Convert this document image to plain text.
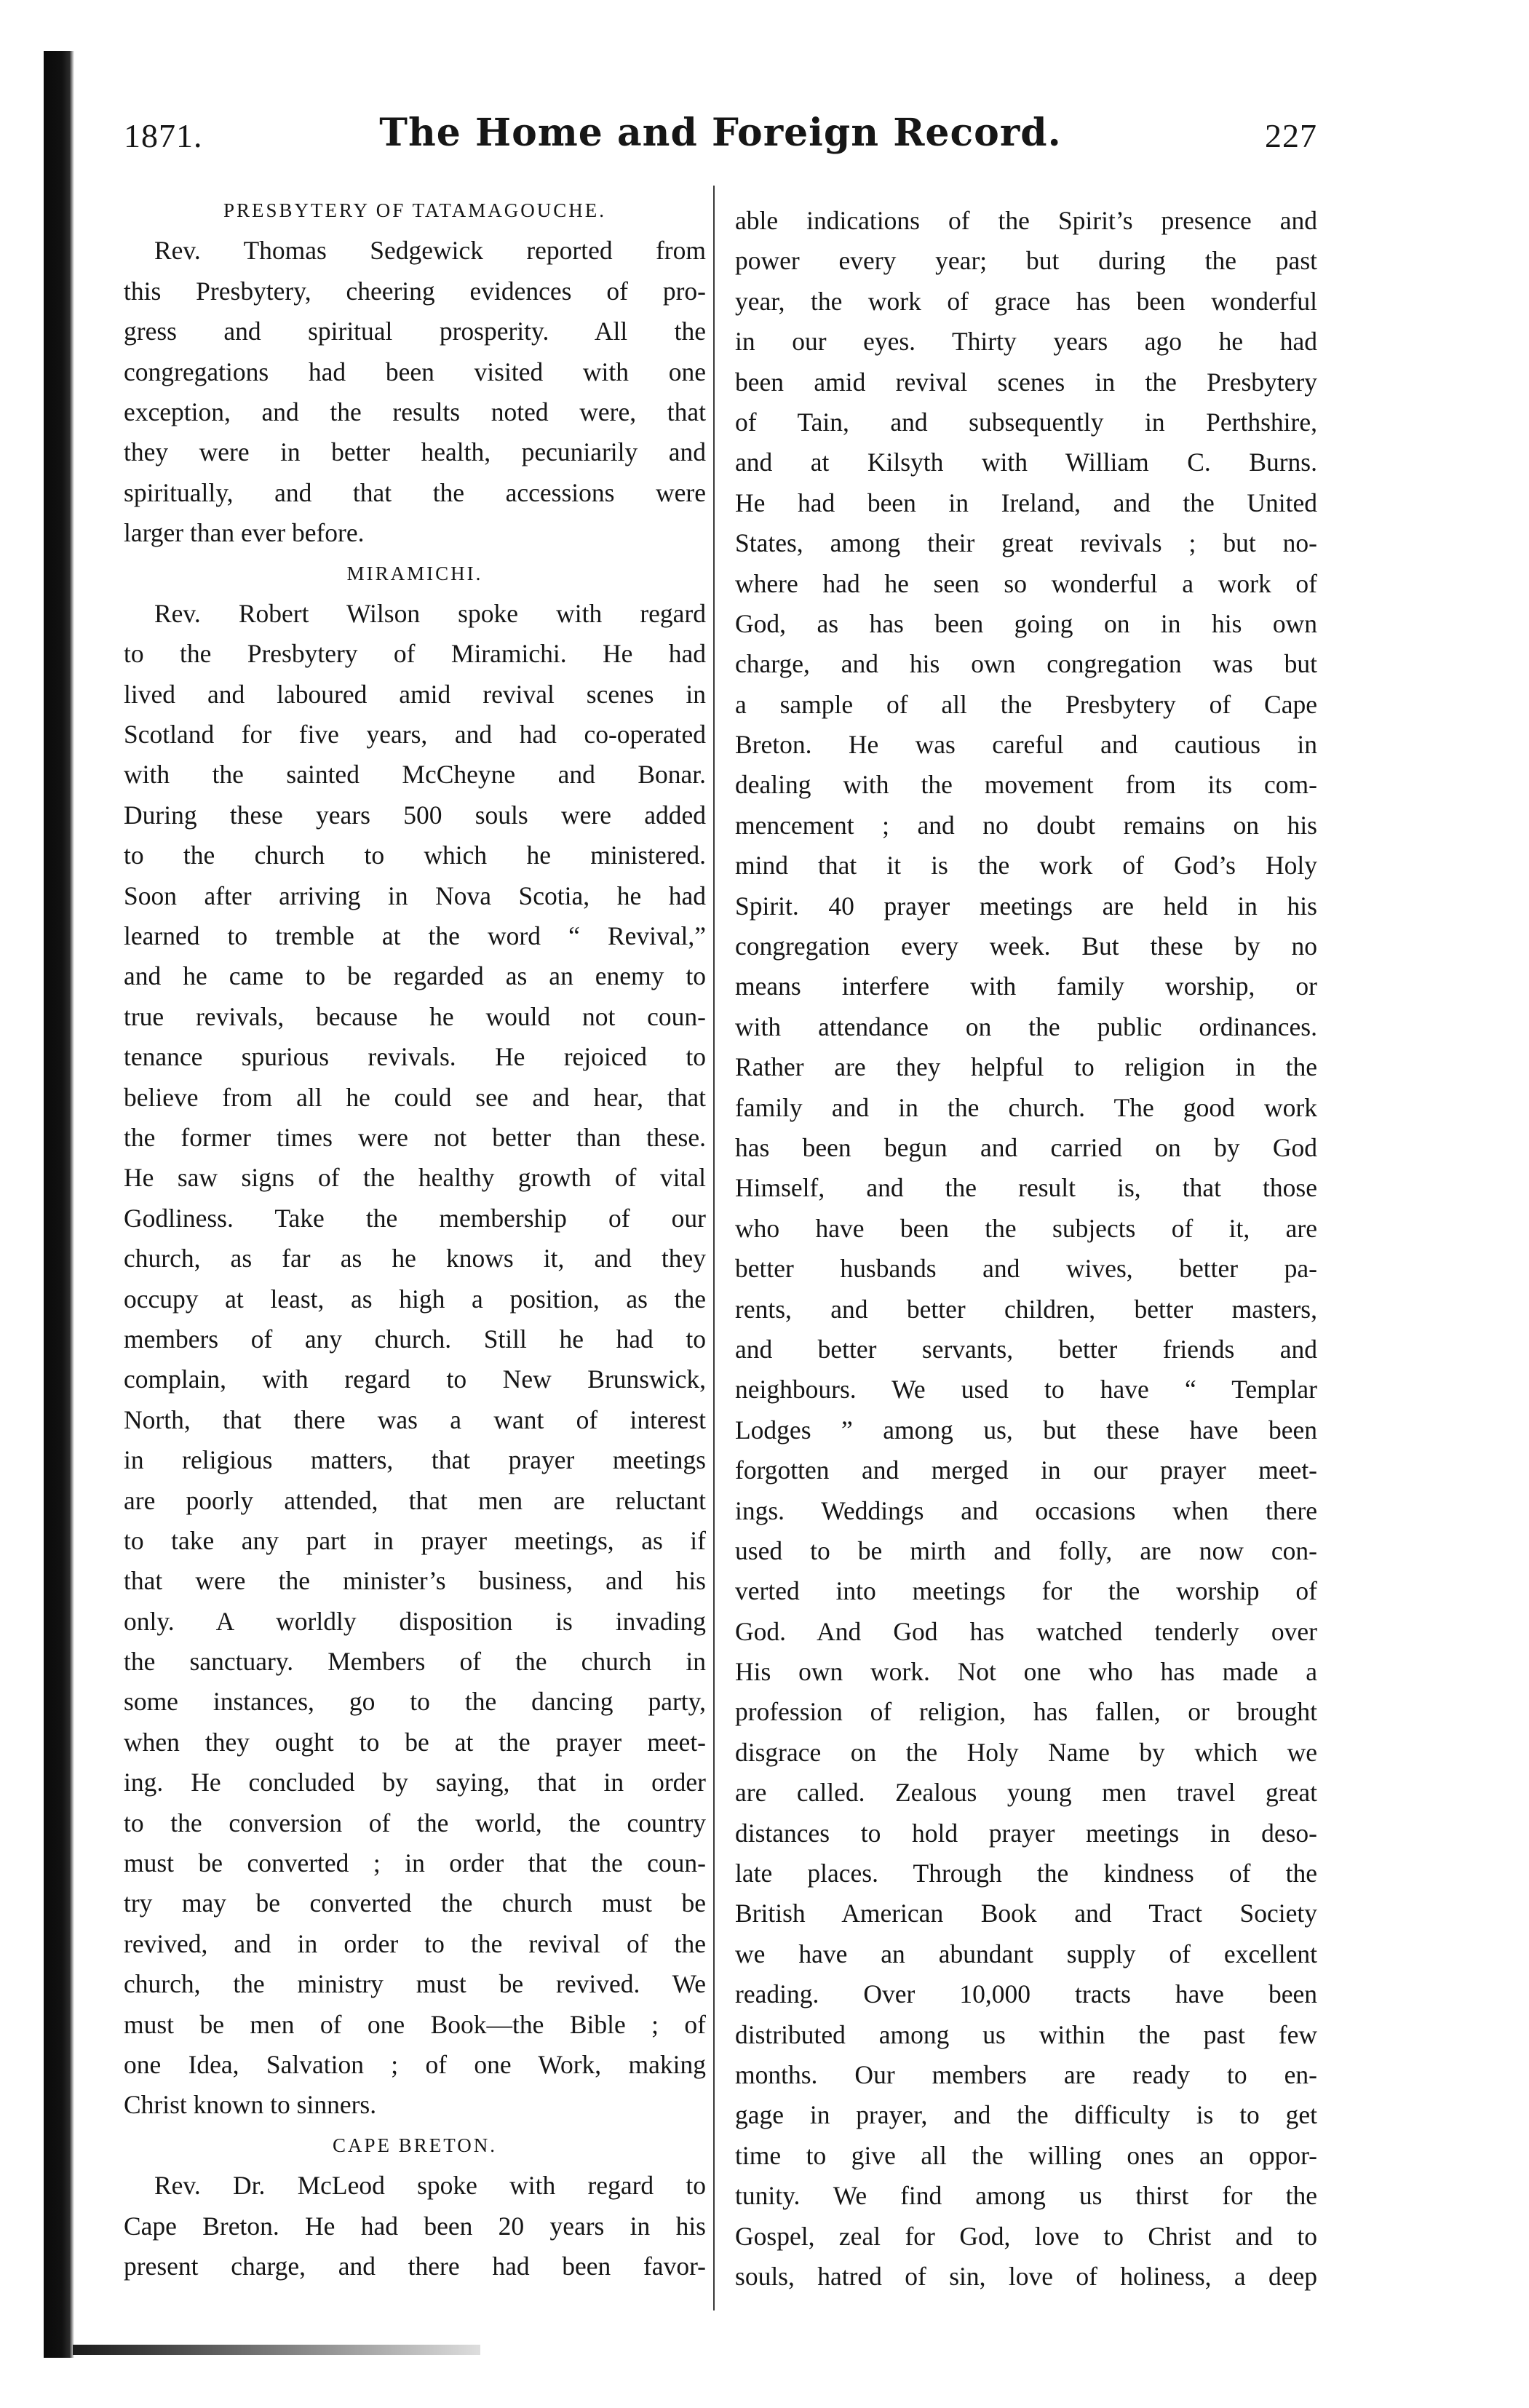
1871.	The Home and Foreign Record.	227
PRESBYTERY OF TATAMAGOUCHE.
Rev. Thomas Sedgewick reported from
this Presbytery, cheering evidences of pro-
gress and spiritual prosperity. All the
congregations had been visited with one
exception, and the results noted were, that
they were in better health, pecuniarily and
spiritually, and that the accessions were
larger than ever before.
MIRAMICHI.
Rev. Robert Wilson spoke with regard
to the Presbytery of Miramichi. He had
lived and laboured amid revival scenes in
Scotland for five years, and had co-operated
with the sainted McCheyne and Bonar.
During these years 500 souls were added
to the church to which he ministered.
Soon after arriving in Nova Scotia, he had
learned to tremble at the word “ Revival,”
and he came to be regarded as an enemy to
true revivals, because he would not coun-
tenance spurious revivals. He rejoiced to
believe from all he could see and hear, that
the former times were not better than these.
He saw signs of the healthy growth of vital
Godliness. Take the membership of our
church, as far as he knows it, and they
occupy at least, as high a position, as the
members of any church. Still he had to
complain, with regard to New Brunswick,
North, that there was a want of interest
in religious matters, that prayer meetings
are poorly attended, that men are reluctant
to take any part in prayer meetings, as if
that were the minister’s business, and his
only. A worldly disposition is invading
the sanctuary. Members of the church in
some instances, go to the dancing party,
when they ought to be at the prayer meet-
ing. He concluded by saying, that in order
to the conversion of the world, the country
must be converted ; in order that the coun-
try may be converted the church must be
revived, and in order to the revival of the
church, the ministry must be revived. We
must be men of one Book—the Bible ; of
one Idea, Salvation ; of one Work, making
Christ known to sinners.
CAPE BRETON.
Rev. Dr. McLeod spoke with regard to
Cape Breton. He had been 20 years in his
present charge, and there had been favor-
able indications of the Spirit’s presence and
power every year; but during the past
year, the work of grace has been wonderful
in our eyes. Thirty years ago he had
been amid revival scenes in the Presbytery
of Tain, and subsequently in Perthshire,
and at Kilsyth with William C. Burns.
He had been in Ireland, and the United
States, among their great revivals ; but no-
where had he seen so wonderful a work of
God, as has been going on in his own
charge, and his own congregation was but
a sample of all the Presbytery of Cape
Breton. He was careful and cautious in
dealing with the movement from its com-
mencement ; and no doubt remains on his
mind that it is the work of God’s Holy
Spirit. 40 prayer meetings are held in his
congregation every week. But these by no
means interfere with family worship, or
with attendance on the public ordinances.
Rather are they helpful to religion in the
family and in the church. The good work
has been begun and carried on by God
Himself, and the result is, that those
who have been the subjects of it, are
better husbands and wives, better pa-
rents, and better children, better masters,
and better servants, better friends and
neighbours. We used to have “ Templar
Lodges ” among us, but these have been
forgotten and merged in our prayer meet-
ings. Weddings and occasions when there
used to be mirth and folly, are now con-
verted into meetings for the worship of
God. And God has watched tenderly over
His own work. Not one who has made a
profession of religion, has fallen, or brought
disgrace on the Holy Name by which we
are called. Zealous young men travel great
distances to hold prayer meetings in deso-
late places. Through the kindness of the
British American Book and Tract Society
we have an abundant supply of excellent
reading. Over 10,000 tracts have been
distributed among us within the past few
months. Our members are ready to en-
gage in prayer, and the difficulty is to get
time to give all the willing ones an oppor-
tunity. We find among us thirst for the
Gospel, zeal for God, love to Christ and to
souls, hatred of sin, love of holiness, a deep
